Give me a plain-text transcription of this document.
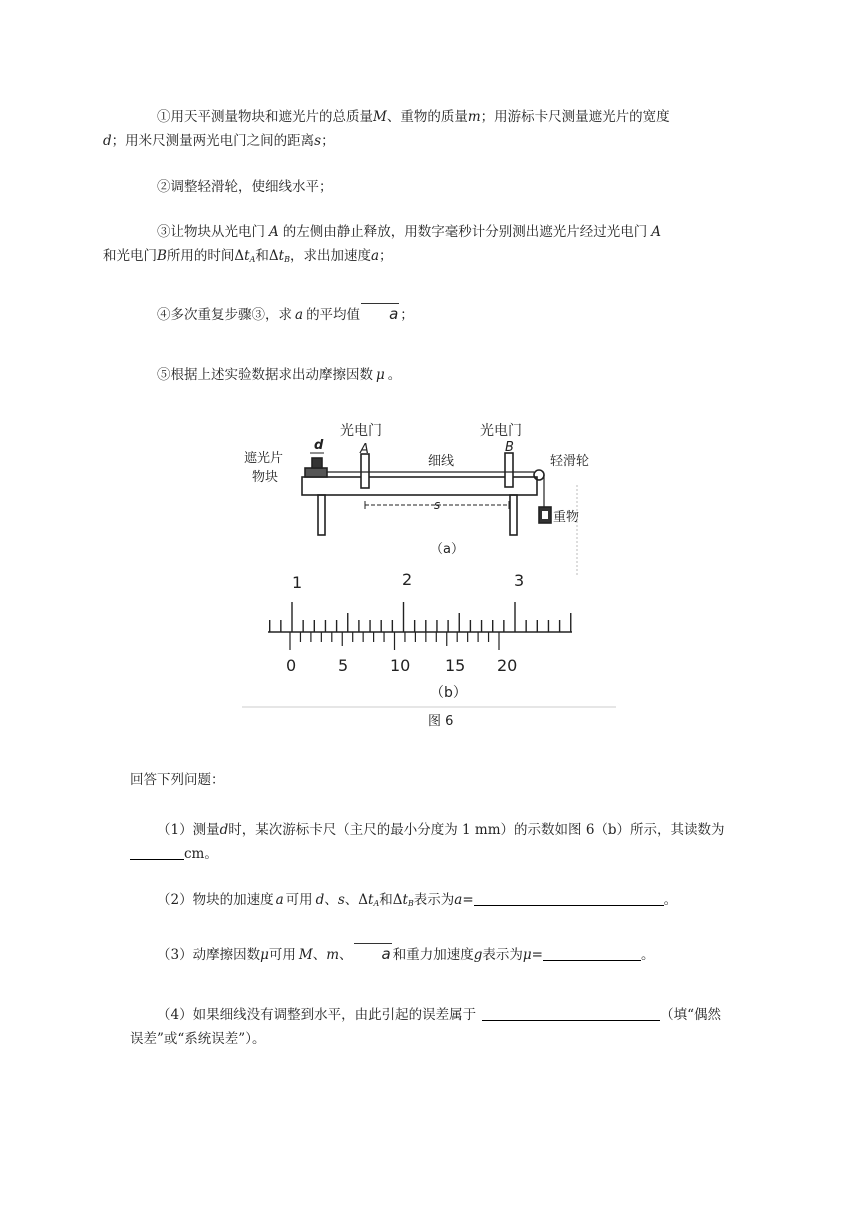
①用天平测量物块和遮光片的总质量M、重物的质量m；用游标卡尺测量遮光片的宽度
d；用米尺测量两光电门之间的距离s；
②调整轻滑轮，使细线水平；
③让物块从光电门 A 的左侧由静止释放，用数字毫秒计分别测出遮光片经过光电门 A
和光电门B所用的时间$\Delta t_A$和$\Delta t_B$，求出加速度a；
④多次重复步骤③，求 a 的平均值 a ；
⑤根据上述实验数据求出动摩擦因数 μ 。
光电门	光电门
遮光片
物块
d	A	B
细线	轻滑轮
重物
s
（a）
1	2	3
0	5	10 15 20
（b）
图 6
回答下列问题：
（1）测量d时，某次游标卡尺（主尺的最小分度为 1 mm）的示数如图 6（b）所示，其读数为cm。
（2）物块的加速度 a 可用 d、s、$\Delta t_A$和$\Delta t_B$表示为a=	。
（3）动摩擦因数μ可用 M、m、 a 和重力加速度g表示为μ=	。
（4）如果细线没有调整到水平，由此引起的误差属于	（填“偶然误差”或“系统误差”）。
